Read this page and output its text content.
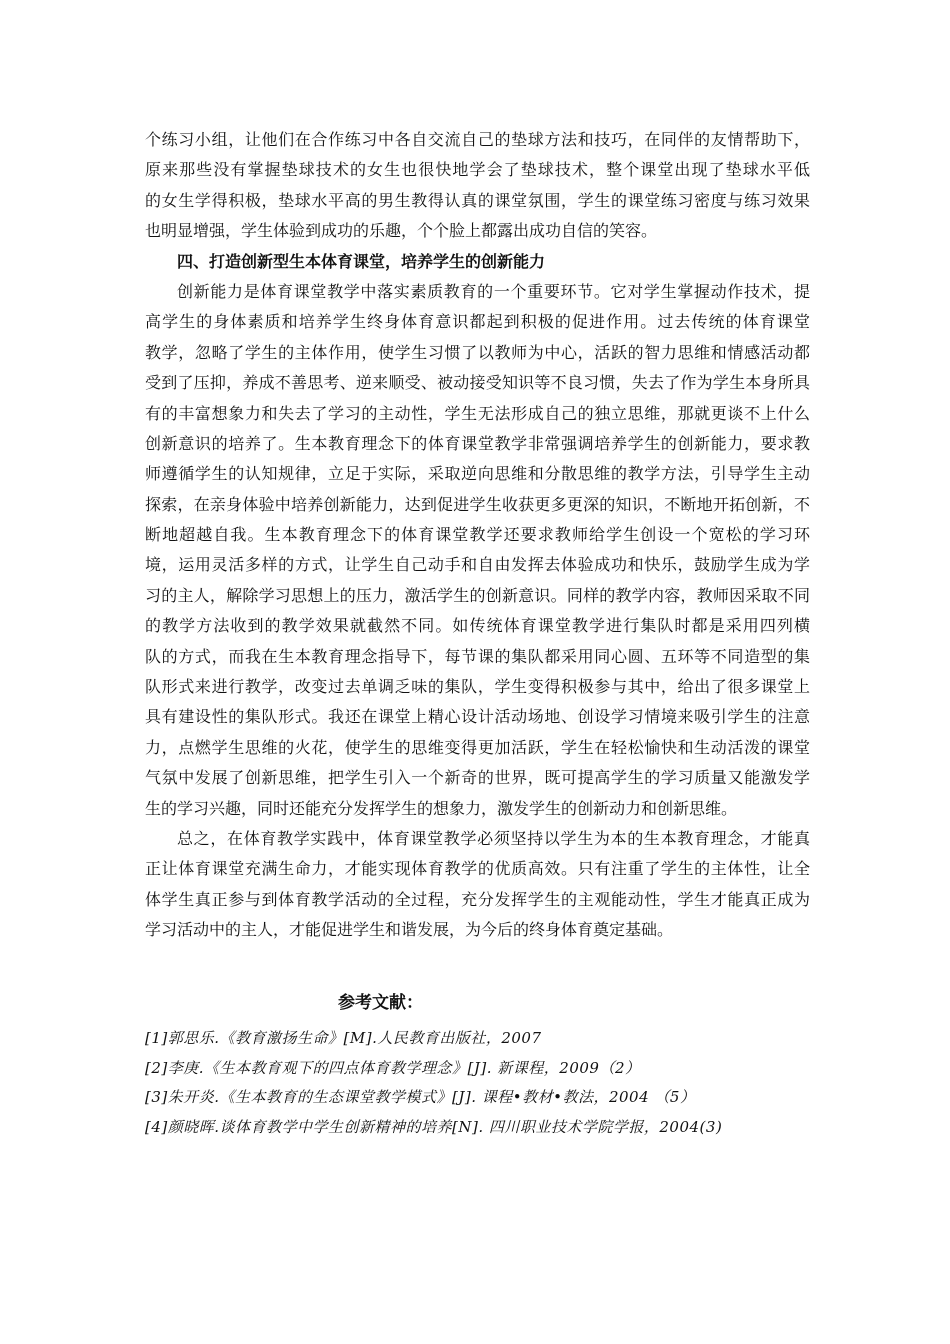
个练习小组，让他们在合作练习中各自交流自己的垫球方法和技巧，在同伴的友情帮助下，
原来那些没有掌握垫球技术的女生也很快地学会了垫球技术，整个课堂出现了垫球水平低
的女生学得积极，垫球水平高的男生教得认真的课堂氛围，学生的课堂练习密度与练习效果
也明显增强，学生体验到成功的乐趣，个个脸上都露出成功自信的笑容。
四、打造创新型生本体育课堂，培养学生的创新能力
创新能力是体育课堂教学中落实素质教育的一个重要环节。它对学生掌握动作技术，提
高学生的身体素质和培养学生终身体育意识都起到积极的促进作用。过去传统的体育课堂
教学，忽略了学生的主体作用，使学生习惯了以教师为中心，活跃的智力思维和情感活动都
受到了压抑，养成不善思考、逆来顺受、被动接受知识等不良习惯，失去了作为学生本身所具
有的丰富想象力和失去了学习的主动性，学生无法形成自己的独立思维，那就更谈不上什么
创新意识的培养了。生本教育理念下的体育课堂教学非常强调培养学生的创新能力，要求教
师遵循学生的认知规律，立足于实际，采取逆向思维和分散思维的教学方法，引导学生主动
探索，在亲身体验中培养创新能力，达到促进学生收获更多更深的知识，不断地开拓创新，不
断地超越自我。生本教育理念下的体育课堂教学还要求教师给学生创设一个宽松的学习环
境，运用灵活多样的方式，让学生自己动手和自由发挥去体验成功和快乐，鼓励学生成为学
习的主人，解除学习思想上的压力，激活学生的创新意识。同样的教学内容，教师因采取不同
的教学方法收到的教学效果就截然不同。如传统体育课堂教学进行集队时都是采用四列横
队的方式，而我在生本教育理念指导下，每节课的集队都采用同心圆、五环等不同造型的集
队形式来进行教学，改变过去单调乏味的集队，学生变得积极参与其中，给出了很多课堂上
具有建设性的集队形式。我还在课堂上精心设计活动场地、创设学习情境来吸引学生的注意
力，点燃学生思维的火花，使学生的思维变得更加活跃，学生在轻松愉快和生动活泼的课堂
气氛中发展了创新思维，把学生引入一个新奇的世界，既可提高学生的学习质量又能激发学
生的学习兴趣，同时还能充分发挥学生的想象力，激发学生的创新动力和创新思维。
总之，在体育教学实践中，体育课堂教学必须坚持以学生为本的生本教育理念，才能真
正让体育课堂充满生命力，才能实现体育教学的优质高效。只有注重了学生的主体性，让全
体学生真正参与到体育教学活动的全过程，充分发挥学生的主观能动性，学生才能真正成为
学习活动中的主人，才能促进学生和谐发展，为今后的终身体育奠定基础。
参考文献：
[1]郭思乐.《教育激扬生命》[M].人民教育出版社，2007
[2]李庚.《生本教育观下的四点体育教学理念》[J]. 新课程，2009（2）
[3]朱开炎.《生本教育的生态课堂教学模式》[J]. 课程•教材•教法，2004 （5）
[4]颜晓晖.谈体育教学中学生创新精神的培养[N]. 四川职业技术学院学报，2004(3)
